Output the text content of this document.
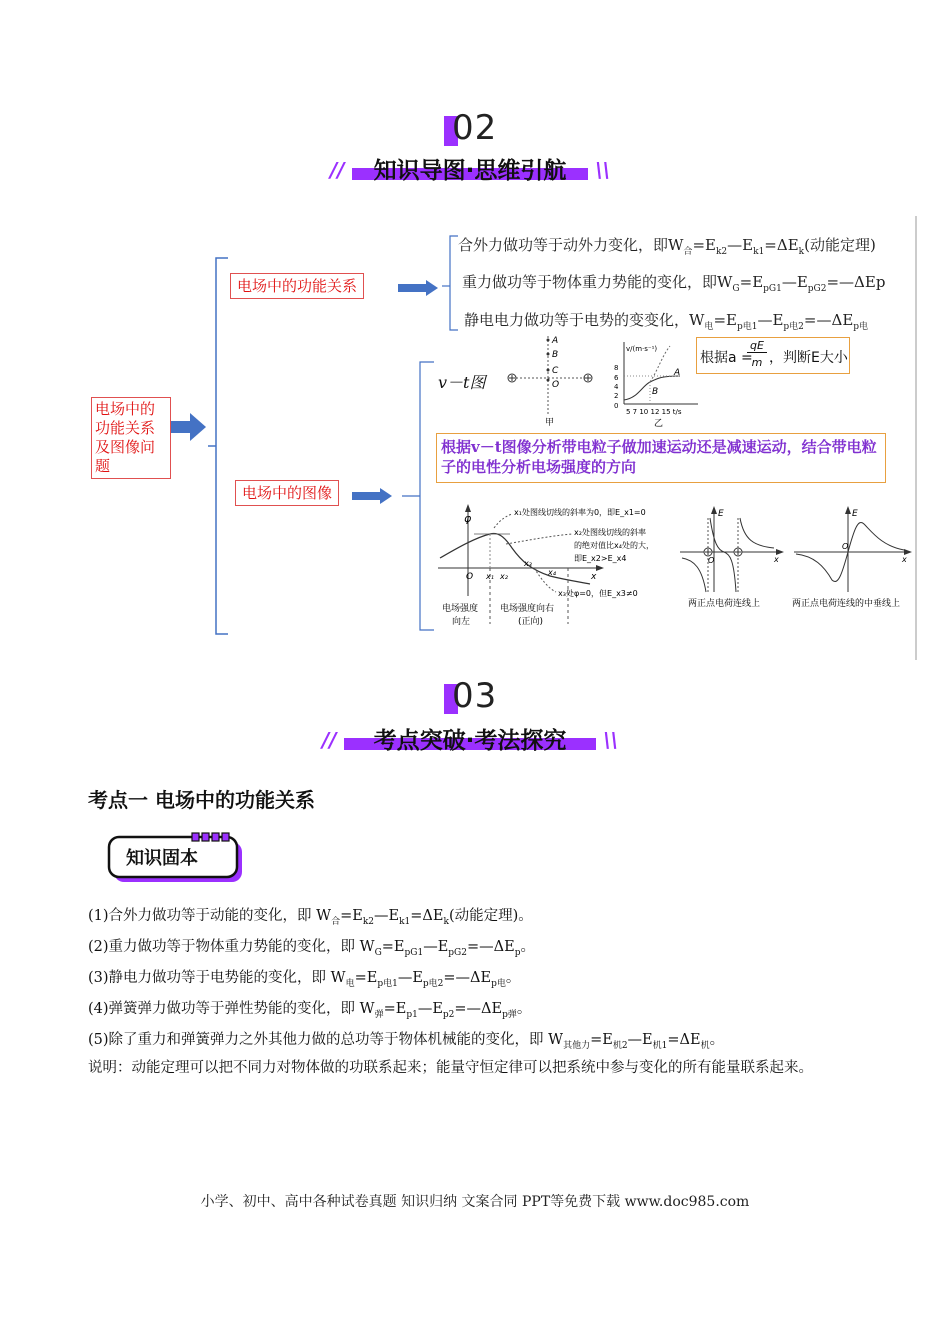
02
//	知识导图·思维引航	\\
电场中的功能关系及图像问题
电场中的功能关系
电场中的图像
合外力做功等于动外力变化，即$W_合=E_{k2}—E_{k1}=\Delta E_k$(动能定理)
重力做功等于物体重力势能的变化，即$W_G=E_{pG1}—E_{pG2}=—\Delta Ep$
静电电力做功等于电势的变变化，$W_电=E_{p电1}—E_{p电2}=—\Delta E_{p电}$
v－t图
A
B
C
O
甲
v/(m·s⁻¹)
8
6
4
2
0
A
B
5 7 10 12 15 t/s
乙
根据a =
qE
m ，判断E大小
根据v－t图像分析带电粒子做加速运动还是减速运动，结合带电粒子的电性分析电场强度的方向
φ
O	x
x₁ x₂
x₃
x₄
x₁处图线切线的斜率为0，即E_x1=0
x₂处图线切线的斜率
的绝对值比x₄处的大，
即E_x2>E_x4
x₃处φ=0，但E_x3≠0
电场强度
向左
电场强度向右
(正向)
E
O	x
两正点电荷连线上
E
O
x
两正点电荷连线的中垂线上
03
//	考点突破·考法探究	\\
考点一 电场中的功能关系
知识固本
(1)合外力做功等于动能的变化，即 $W_合=E_{k2}—E_{k1}=\Delta E_k$(动能定理)。
(2)重力做功等于物体重力势能的变化，即 $W_G=E_{pG1}—E_{pG2}=—\Delta E_p$。
(3)静电力做功等于电势能的变化，即 $W_电=E_{p电1}—E_{p电2}=—\Delta E_{p电}$。
(4)弹簧弹力做功等于弹性势能的变化，即 $W_弹=E_{p1}—E_{p2}=—\Delta E_{p弹}$。
(5)除了重力和弹簧弹力之外其他力做的总功等于物体机械能的变化，即 $W_{其他力}=E_{机2}—E_{机1}=\Delta E_机$。
说明：动能定理可以把不同力对物体做的功联系起来；能量守恒定律可以把系统中参与变化的所有能量联系起来。
小学、初中、高中各种试卷真题 知识归纳 文案合同 PPT等免费下载 www.doc985.com
